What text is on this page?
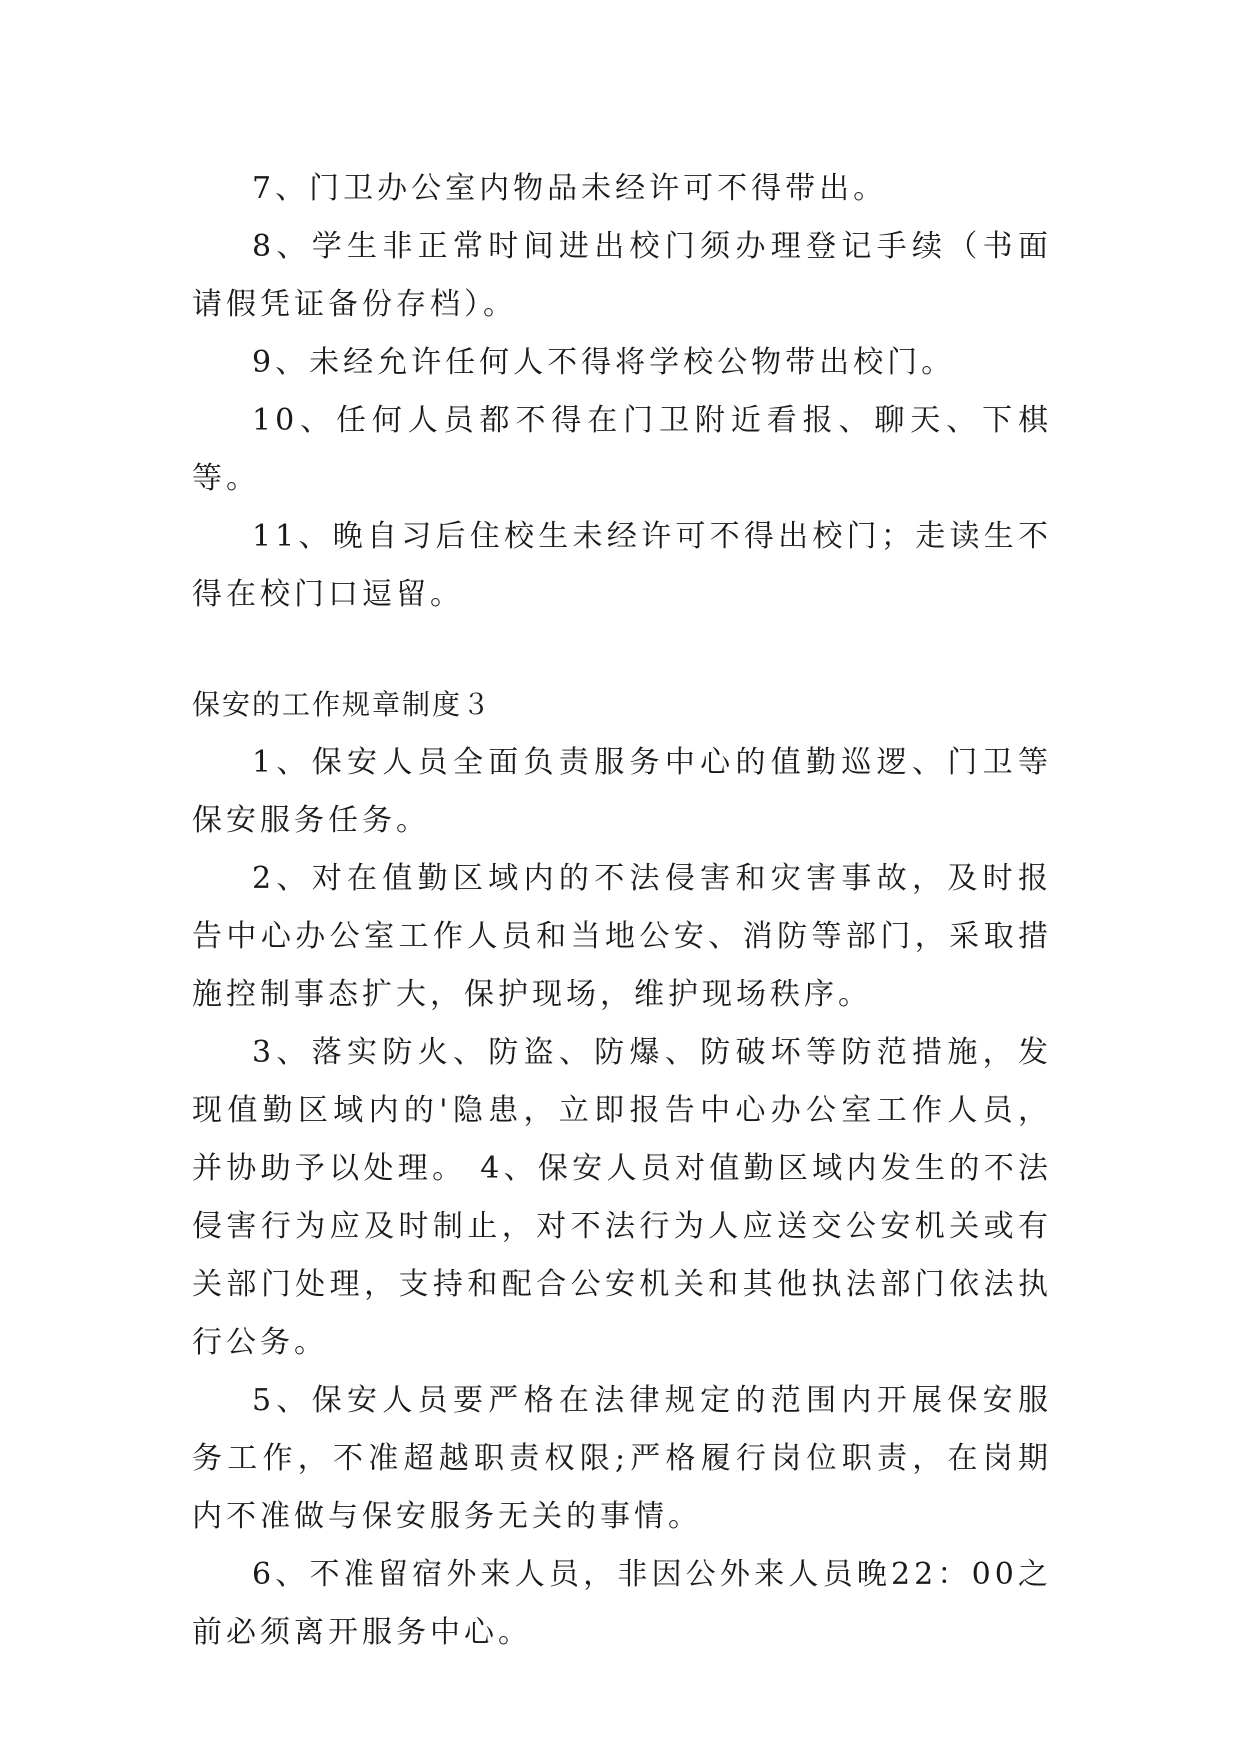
7、门卫办公室内物品未经许可不得带出。

8、学生非正常时间进出校门须办理登记手续（书面请假凭证备份存档）。

9、未经允许任何人不得将学校公物带出校门。

10、任何人员都不得在门卫附近看报、聊天、下棋等。

11、晚自习后住校生未经许可不得出校门；走读生不得在校门口逗留。

保安的工作规章制度３

1、保安人员全面负责服务中心的值勤巡逻、门卫等保安服务任务。

2、对在值勤区域内的不法侵害和灾害事故，及时报告中心办公室工作人员和当地公安、消防等部门，采取措施控制事态扩大，保护现场，维护现场秩序。

3、落实防火、防盗、防爆、防破坏等防范措施，发现值勤区域内的'隐患，立即报告中心办公室工作人员，并协助予以处理。 4、保安人员对值勤区域内发生的不法侵害行为应及时制止，对不法行为人应送交公安机关或有关部门处理，支持和配合公安机关和其他执法部门依法执行公务。

5、保安人员要严格在法律规定的范围内开展保安服务工作，不准超越职责权限;严格履行岗位职责，在岗期内不准做与保安服务无关的事情。

6、不准留宿外来人员，非因公外来人员晚22：00之前必须离开服务中心。
